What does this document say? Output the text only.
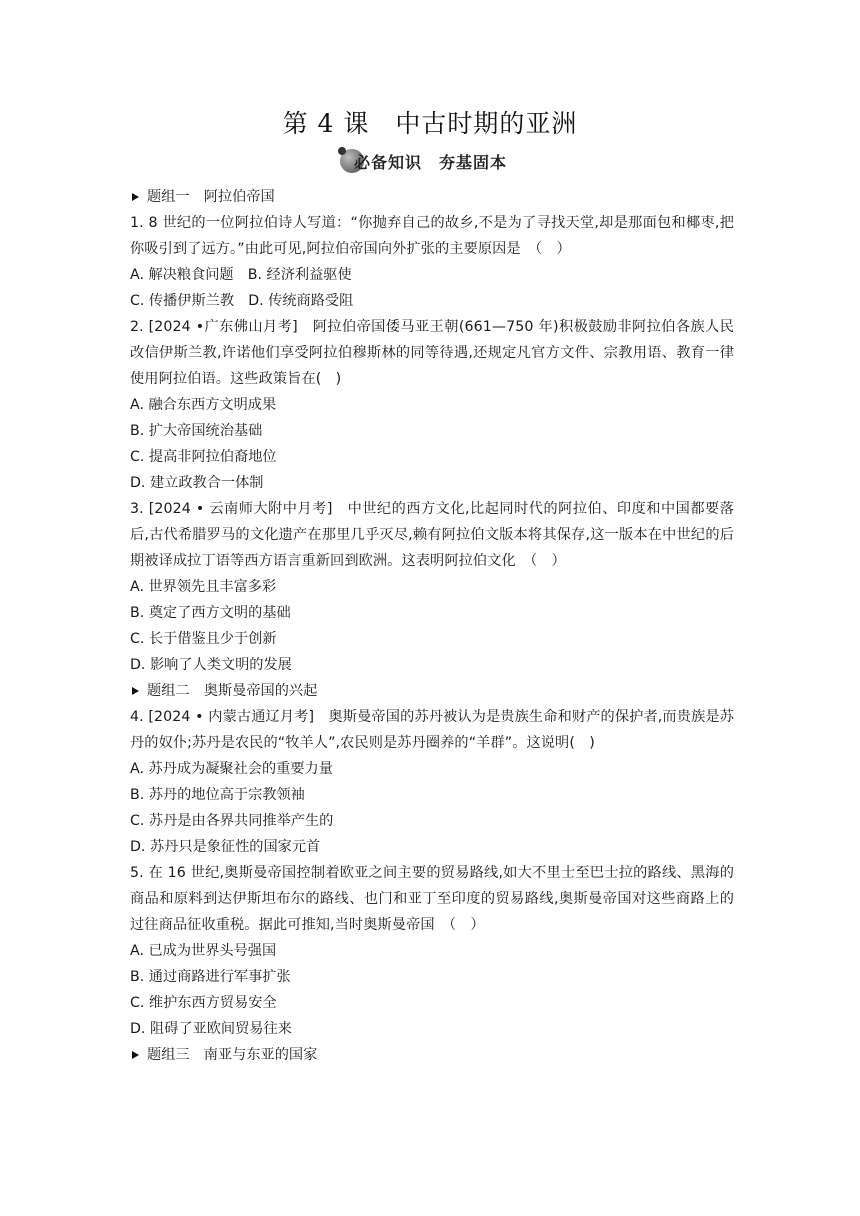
第 4 课　中古时期的亚洲
必备知识　夯基固本
题组一　阿拉伯帝国
1. 8 世纪的一位阿拉伯诗人写道：“你抛弃自己的故乡,不是为了寻找天堂,却是那面包和椰枣,把你吸引到了远方。”由此可见,阿拉伯帝国向外扩张的主要原因是　（　）
A. 解决粮食问题　B. 经济利益驱使
C. 传播伊斯兰教　D. 传统商路受阻
2. [2024 •广东佛山月考]　阿拉伯帝国倭马亚王朝(661—750 年)积极鼓励非阿拉伯各族人民改信伊斯兰教,许诺他们享受阿拉伯穆斯林的同等待遇,还规定凡官方文件、宗教用语、教育一律使用阿拉伯语。这些政策旨在(　)
A. 融合东西方文明成果
B. 扩大帝国统治基础
C. 提高非阿拉伯裔地位
D. 建立政教合一体制
3. [2024 • 云南师大附中月考]　中世纪的西方文化,比起同时代的阿拉伯、印度和中国都要落后,古代希腊罗马的文化遗产在那里几乎灭尽,赖有阿拉伯文版本将其保存,这一版本在中世纪的后期被译成拉丁语等西方语言重新回到欧洲。这表明阿拉伯文化　（　）
A. 世界领先且丰富多彩
B. 奠定了西方文明的基础
C. 长于借鉴且少于创新
D. 影响了人类文明的发展
题组二　奥斯曼帝国的兴起
4. [2024 • 内蒙古通辽月考]　奥斯曼帝国的苏丹被认为是贵族生命和财产的保护者,而贵族是苏丹的奴仆;苏丹是农民的“牧羊人”,农民则是苏丹圈养的“羊群”。这说明(　)
A. 苏丹成为凝聚社会的重要力量
B. 苏丹的地位高于宗教领袖
C. 苏丹是由各界共同推举产生的
D. 苏丹只是象征性的国家元首
5. 在 16 世纪,奥斯曼帝国控制着欧亚之间主要的贸易路线,如大不里士至巴士拉的路线、黑海的商品和原料到达伊斯坦布尔的路线、也门和亚丁至印度的贸易路线,奥斯曼帝国对这些商路上的过往商品征收重税。据此可推知,当时奥斯曼帝国　（　）
A. 已成为世界头号强国
B. 通过商路进行军事扩张
C. 维护东西方贸易安全
D. 阻碍了亚欧间贸易往来
题组三　南亚与东亚的国家
